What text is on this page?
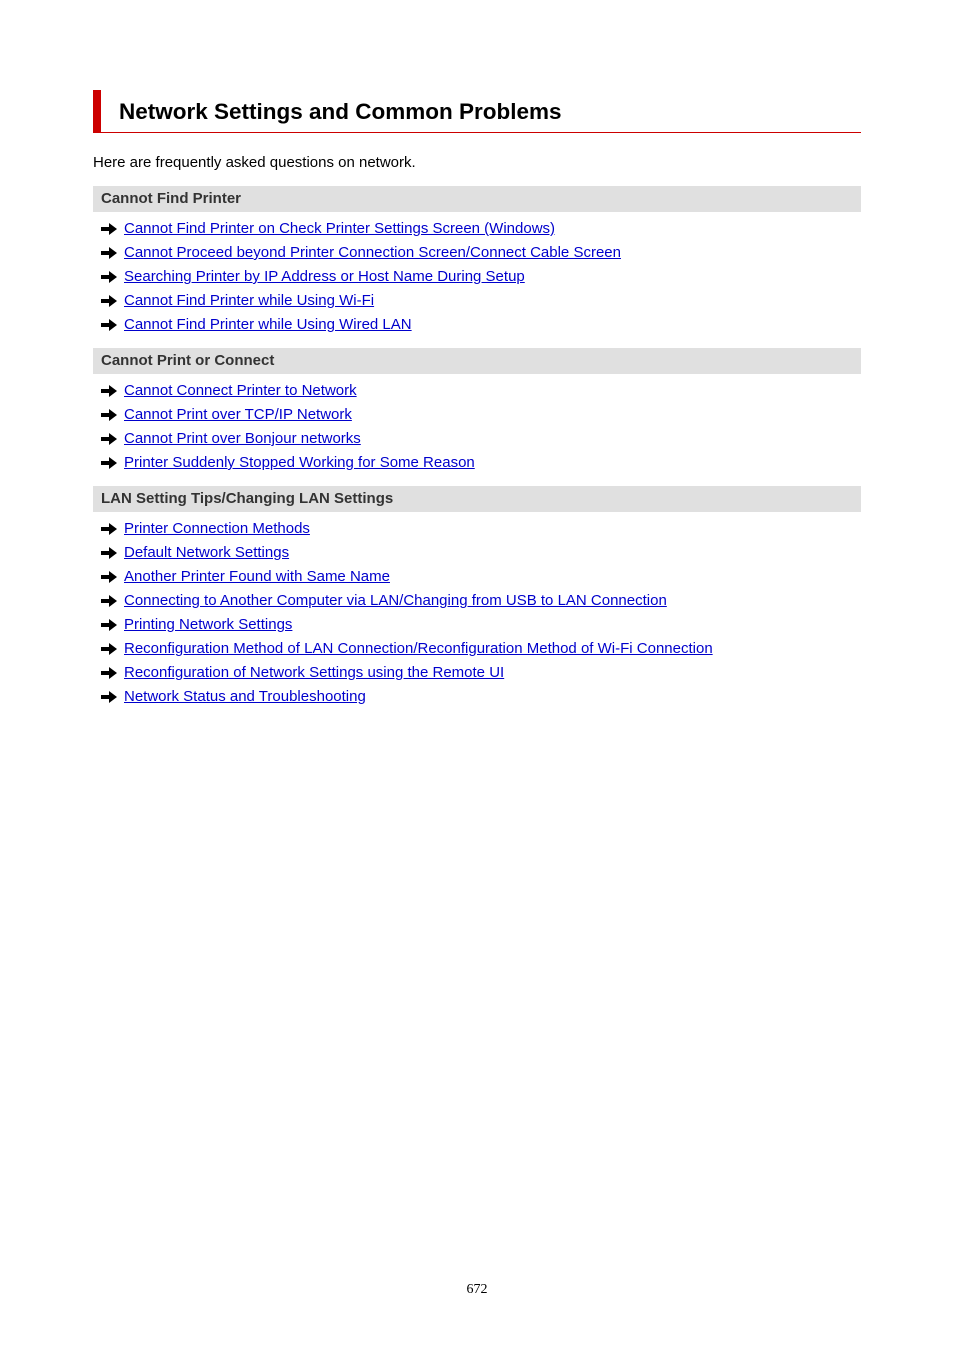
Network Settings and Common Problems

Here are frequently asked questions on network.

Cannot Find Printer
Cannot Find Printer on Check Printer Settings Screen (Windows)
Cannot Proceed beyond Printer Connection Screen/Connect Cable Screen
Searching Printer by IP Address or Host Name During Setup
Cannot Find Printer while Using Wi-Fi
Cannot Find Printer while Using Wired LAN
Cannot Print or Connect
Cannot Connect Printer to Network
Cannot Print over TCP/IP Network
Cannot Print over Bonjour networks
Printer Suddenly Stopped Working for Some Reason
LAN Setting Tips/Changing LAN Settings
Printer Connection Methods
Default Network Settings
Another Printer Found with Same Name
Connecting to Another Computer via LAN/Changing from USB to LAN Connection
Printing Network Settings
Reconfiguration Method of LAN Connection/Reconfiguration Method of Wi-Fi Connection
Reconfiguration of Network Settings using the Remote UI
Network Status and Troubleshooting
672
